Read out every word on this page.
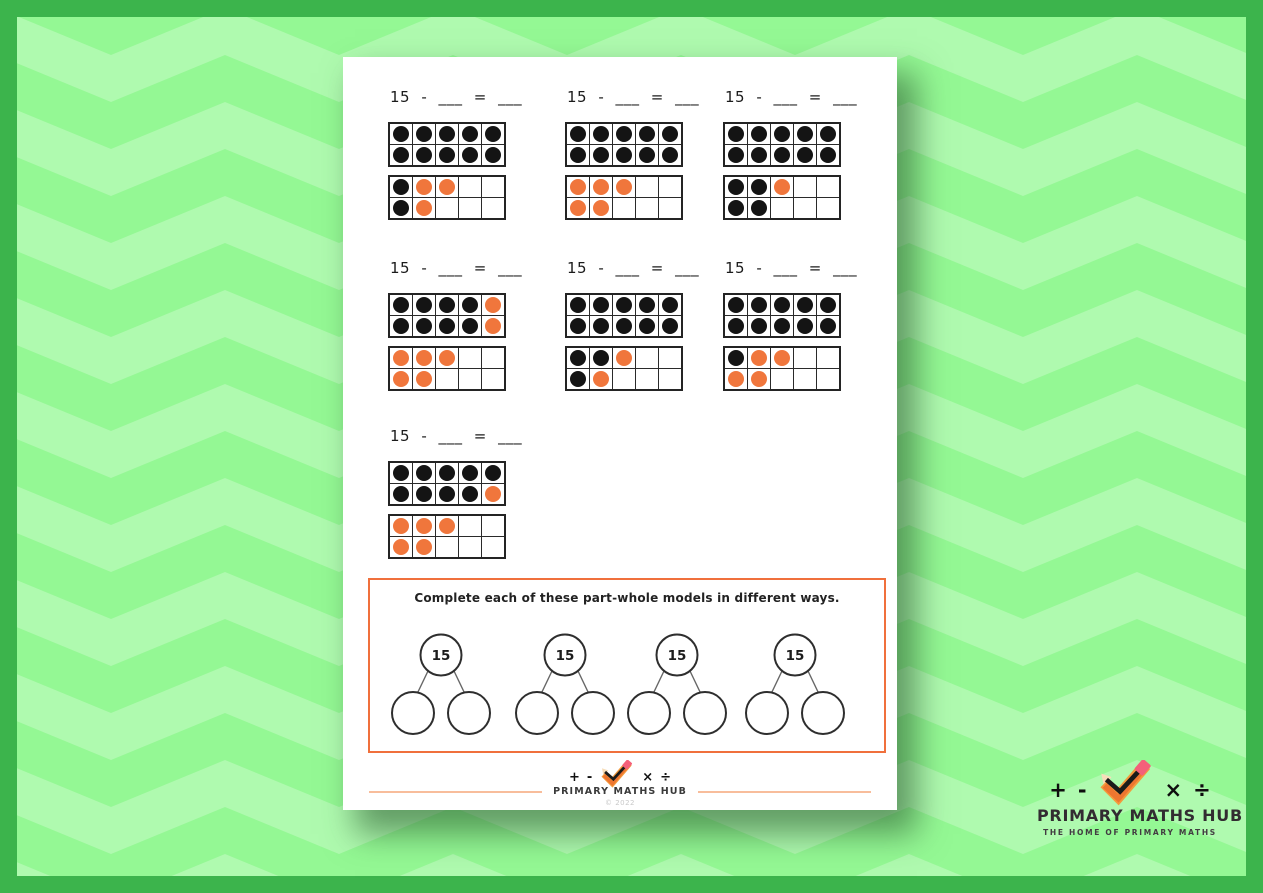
15 - ___ = ___

				15 - ___ = ___

			15 - ___ = ___

15 - ___ = ___

				15 - ___ = ___

			15 - ___ = ___

15 - ___ = ___

Complete each of these part-whole models in different ways.
15	15	15	15
+ -	× ÷
PRIMARY MATHS HUB
© 2022
+ -	× ÷
PRIMARY MATHS HUB
THE HOME OF PRIMARY MATHS
